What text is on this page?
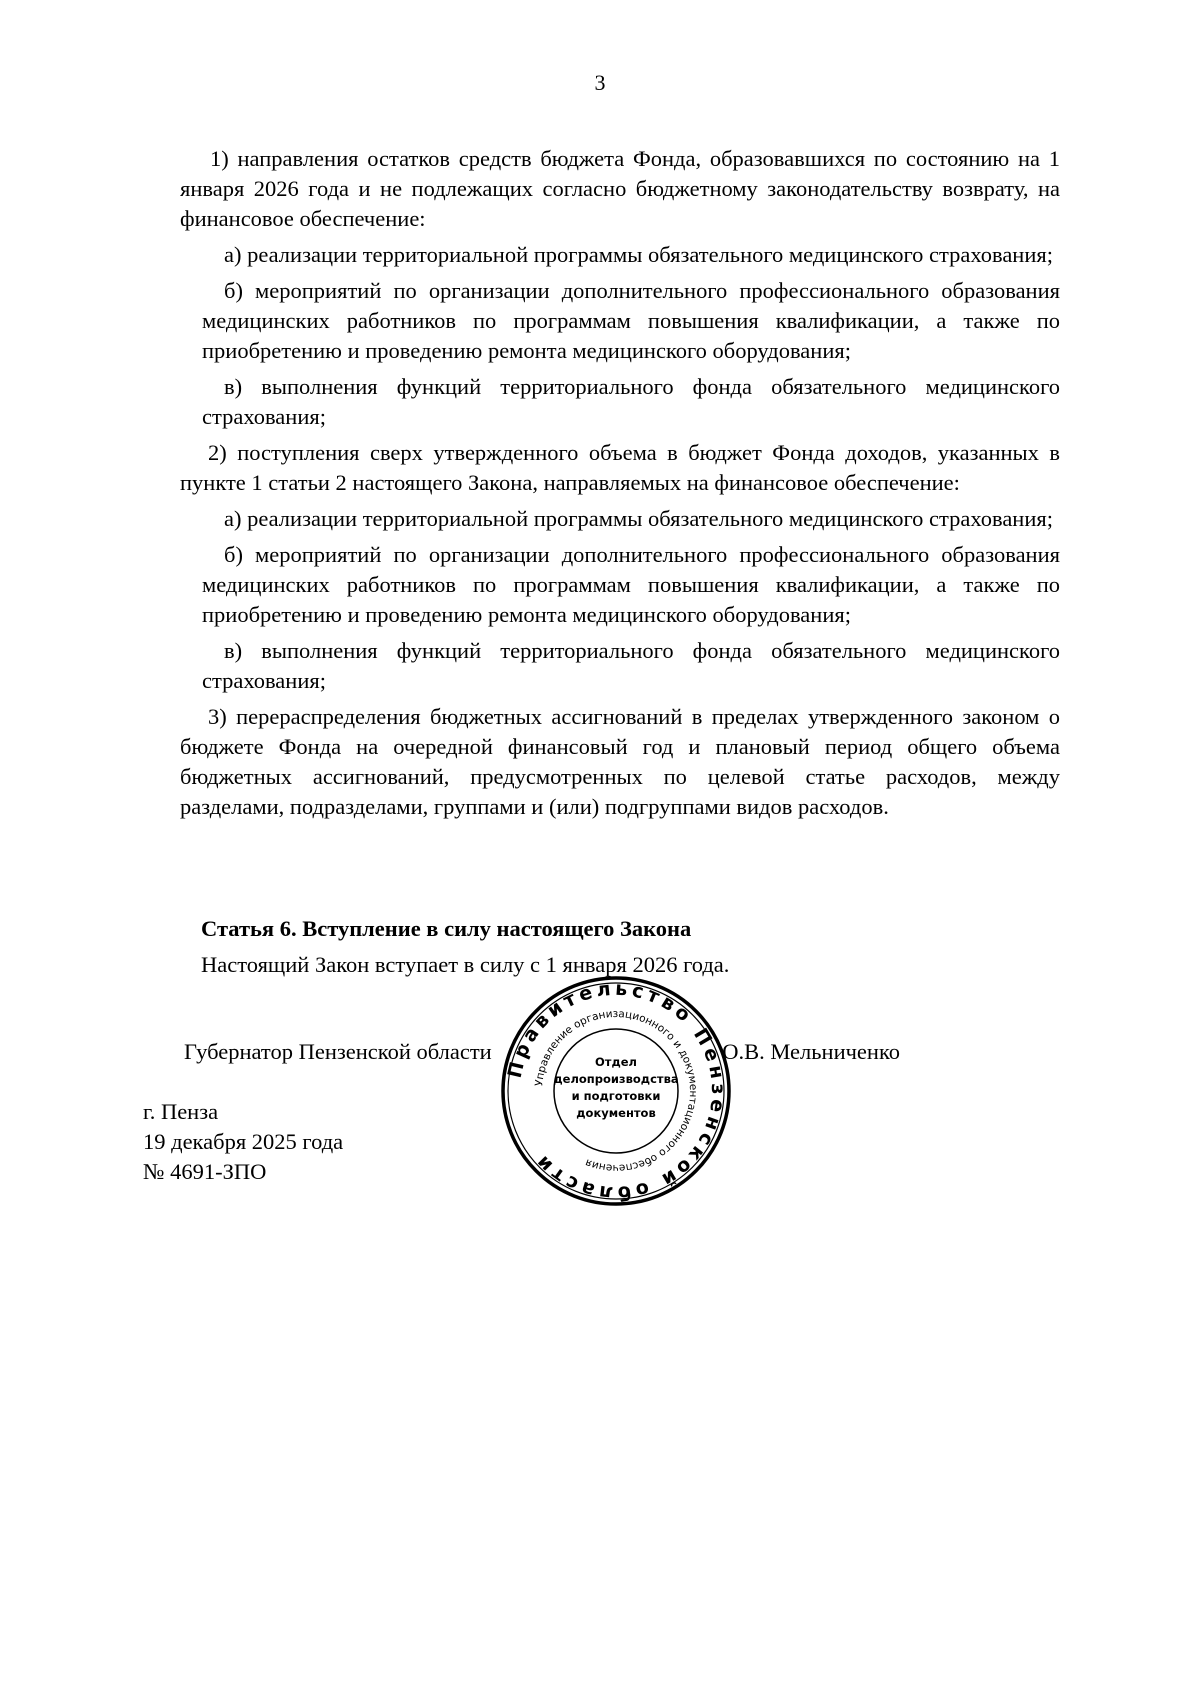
3

1) направления остатков средств бюджета Фонда, образовавшихся по состоянию на 1 января 2026 года и не подлежащих согласно бюджетному законодательству возврату, на финансовое обеспечение:

а) реализации территориальной программы обязательного медицинского страхования;

б) мероприятий по организации дополнительного профессионального образования медицинских работников по программам повышения квалификации, а также по приобретению и проведению ремонта медицинского оборудования;

в) выполнения функций территориального фонда обязательного медицинского страхования;

2) поступления сверх утвержденного объема в бюджет Фонда доходов, указанных в пункте 1 статьи 2 настоящего Закона, направляемых на финансовое обеспечение:

а) реализации территориальной программы обязательного медицинского страхования;

б) мероприятий по организации дополнительного профессионального образования медицинских работников по программам повышения квалификации, а также по приобретению и проведению ремонта медицинского оборудования;

в) выполнения функций территориального фонда обязательного медицинского страхования;

3) перераспределения бюджетных ассигнований в пределах утвержденного законом о бюджете Фонда на очередной финансовый год и плановый период общего объема бюджетных ассигнований, предусмотренных по целевой статье расходов, между разделами, подразделами, группами и (или) подгруппами видов расходов.

Статья 6. Вступление в силу настоящего Закона
Настоящий Закон вступает в силу с 1 января 2026 года.
Губернатор Пензенской области	О.В. Мельниченко
г. Пенза
19 декабря 2025 года
№ 4691-ЗПО
Правительство Пензенской области
Управление организационного и документационного обеспечения
Отдел
делопроизводства
и подготовки
документов
